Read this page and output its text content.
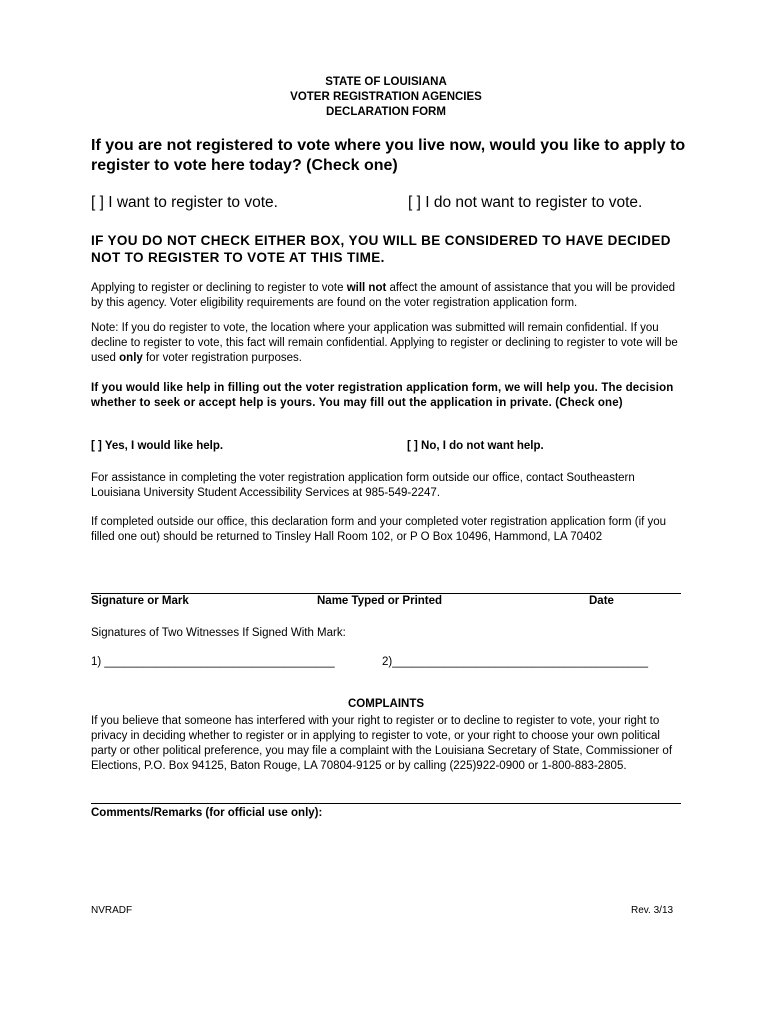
STATE OF LOUISIANA
VOTER REGISTRATION AGENCIES
DECLARATION FORM
If you are not registered to vote where you live now, would you like to apply to register to vote here today? (Check one)
[ ] I want to register to vote.	[ ] I do not want to register to vote.
IF YOU DO NOT CHECK EITHER BOX, YOU WILL BE CONSIDERED TO HAVE DECIDED NOT TO REGISTER TO VOTE AT THIS TIME.
Applying to register or declining to register to vote will not affect the amount of assistance that you will be provided by this agency. Voter eligibility requirements are found on the voter registration application form.
Note: If you do register to vote, the location where your application was submitted will remain confidential. If you decline to register to vote, this fact will remain confidential. Applying to register or declining to register to vote will be used only for voter registration purposes.
If you would like help in filling out the voter registration application form, we will help you. The decision whether to seek or accept help is yours. You may fill out the application in private. (Check one)
[ ] Yes, I would like help.	[ ] No, I do not want help.
For assistance in completing the voter registration application form outside our office, contact Southeastern Louisiana University Student Accessibility Services at 985-549-2247.
If completed outside our office, this declaration form and your completed voter registration application form (if you filled one out) should be returned to Tinsley Hall Room 102, or P O Box 10496, Hammond, LA 70402
Signature or Mark	Name Typed or Printed	Date
Signatures of Two Witnesses If Signed With Mark:
1) ____________________________________	2)________________________________________
COMPLAINTS
If you believe that someone has interfered with your right to register or to decline to register to vote, your right to privacy in deciding whether to register or in applying to register to vote, or your right to choose your own political party or other political preference, you may file a complaint with the Louisiana Secretary of State, Commissioner of Elections, P.O. Box 94125, Baton Rouge, LA 70804-9125 or by calling (225)922-0900 or 1-800-883-2805.
Comments/Remarks (for official use only):
NVRADF	Rev. 3/13
